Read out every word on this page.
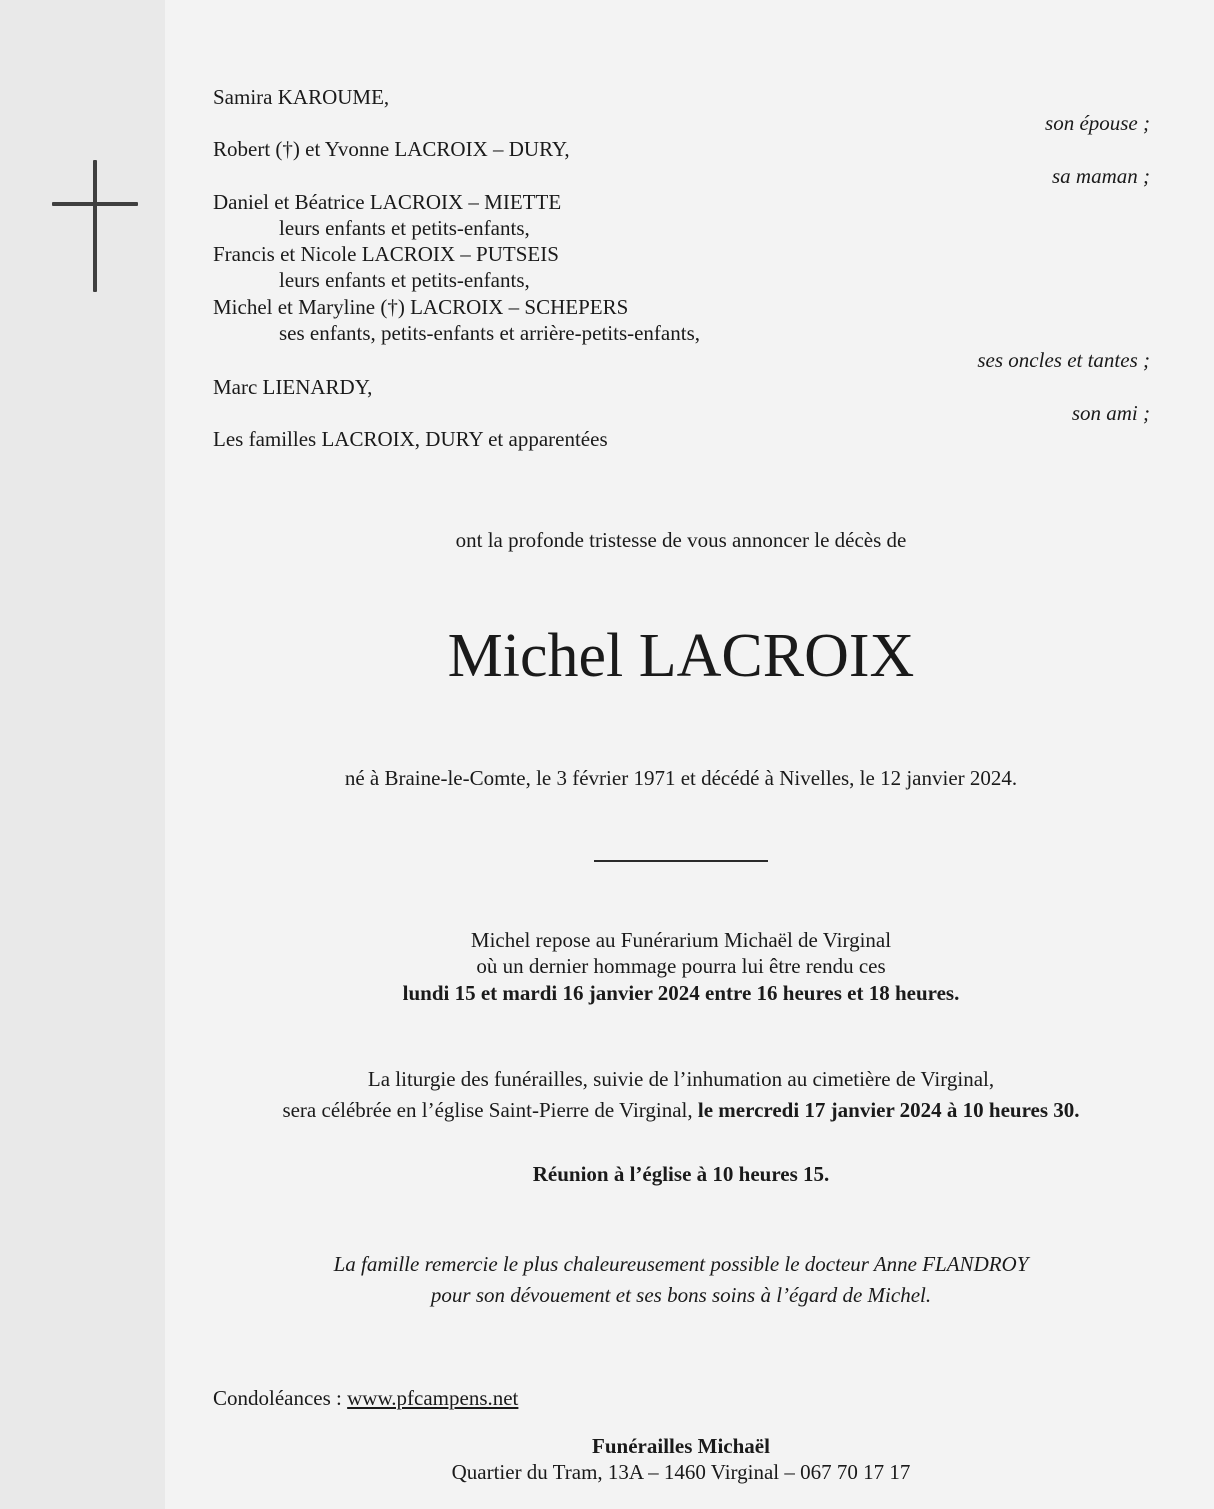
Samira KAROUME,
son épouse ;
Robert (†) et Yvonne LACROIX – DURY,
sa maman ;
Daniel et Béatrice LACROIX – MIETTE
leurs enfants et petits-enfants,
Francis et Nicole LACROIX – PUTSEIS
leurs enfants et petits-enfants,
Michel et Maryline (†) LACROIX – SCHEPERS
ses enfants, petits-enfants et arrière-petits-enfants,
ses oncles et tantes ;
Marc LIENARDY,
son ami ;
Les familles LACROIX, DURY et apparentées
ont la profonde tristesse de vous annoncer le décès de
Michel LACROIX
né à Braine-le-Comte, le 3 février 1971 et décédé à Nivelles, le 12 janvier 2024.
Michel repose au Funérarium Michaël de Virginal
où un dernier hommage pourra lui être rendu ces
lundi 15 et mardi 16 janvier 2024 entre 16 heures et 18 heures.
La liturgie des funérailles, suivie de l’inhumation au cimetière de Virginal,
sera célébrée en l’église Saint-Pierre de Virginal, le mercredi 17 janvier 2024 à 10 heures 30.
Réunion à l’église à 10 heures 15.
La famille remercie le plus chaleureusement possible le docteur Anne FLANDROY
pour son dévouement et ses bons soins à l’égard de Michel.
Condoléances : www.pfcampens.net
Funérailles Michaël
Quartier du Tram, 13A – 1460 Virginal – 067 70 17 17
